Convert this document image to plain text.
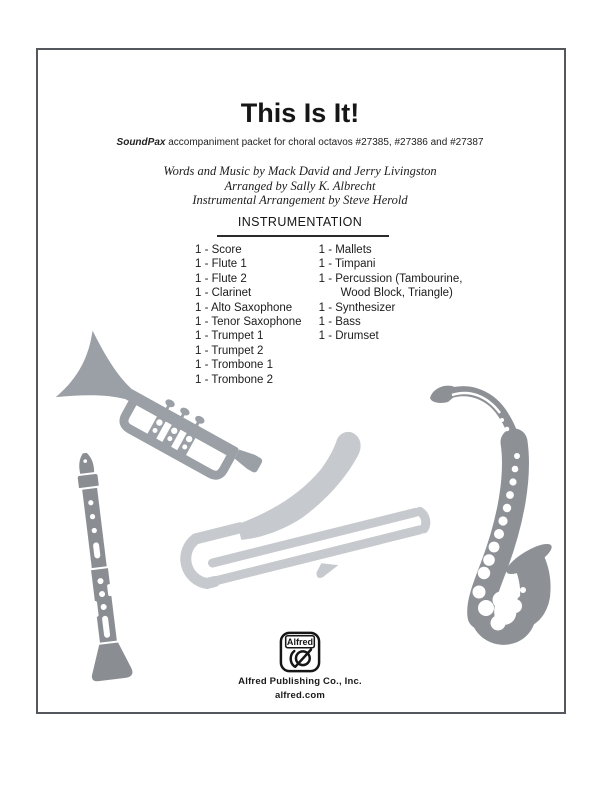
This Is It!

SoundPax accompaniment packet for choral octavos #27385, #27386 and #27387

Words and Music by Mack David and Jerry Livingston
Arranged by Sally K. Albrecht
Instrumental Arrangement by Steve Herold
INSTRUMENTATION
1 - Score
1 - Flute 1
1 - Flute 2
1 - Clarinet
1 - Alto Saxophone
1 - Tenor Saxophone
1 - Trumpet 1
1 - Trumpet 2
1 - Trombone 1
1 - Trombone 2
1 - Mallets
1 - Timpani
1 - Percussion (Tambourine,
Wood Block, Triangle)
1 - Synthesizer
1 - Bass
1 - Drumset
Alfred
Alfred Publishing Co., Inc.
alfred.com
